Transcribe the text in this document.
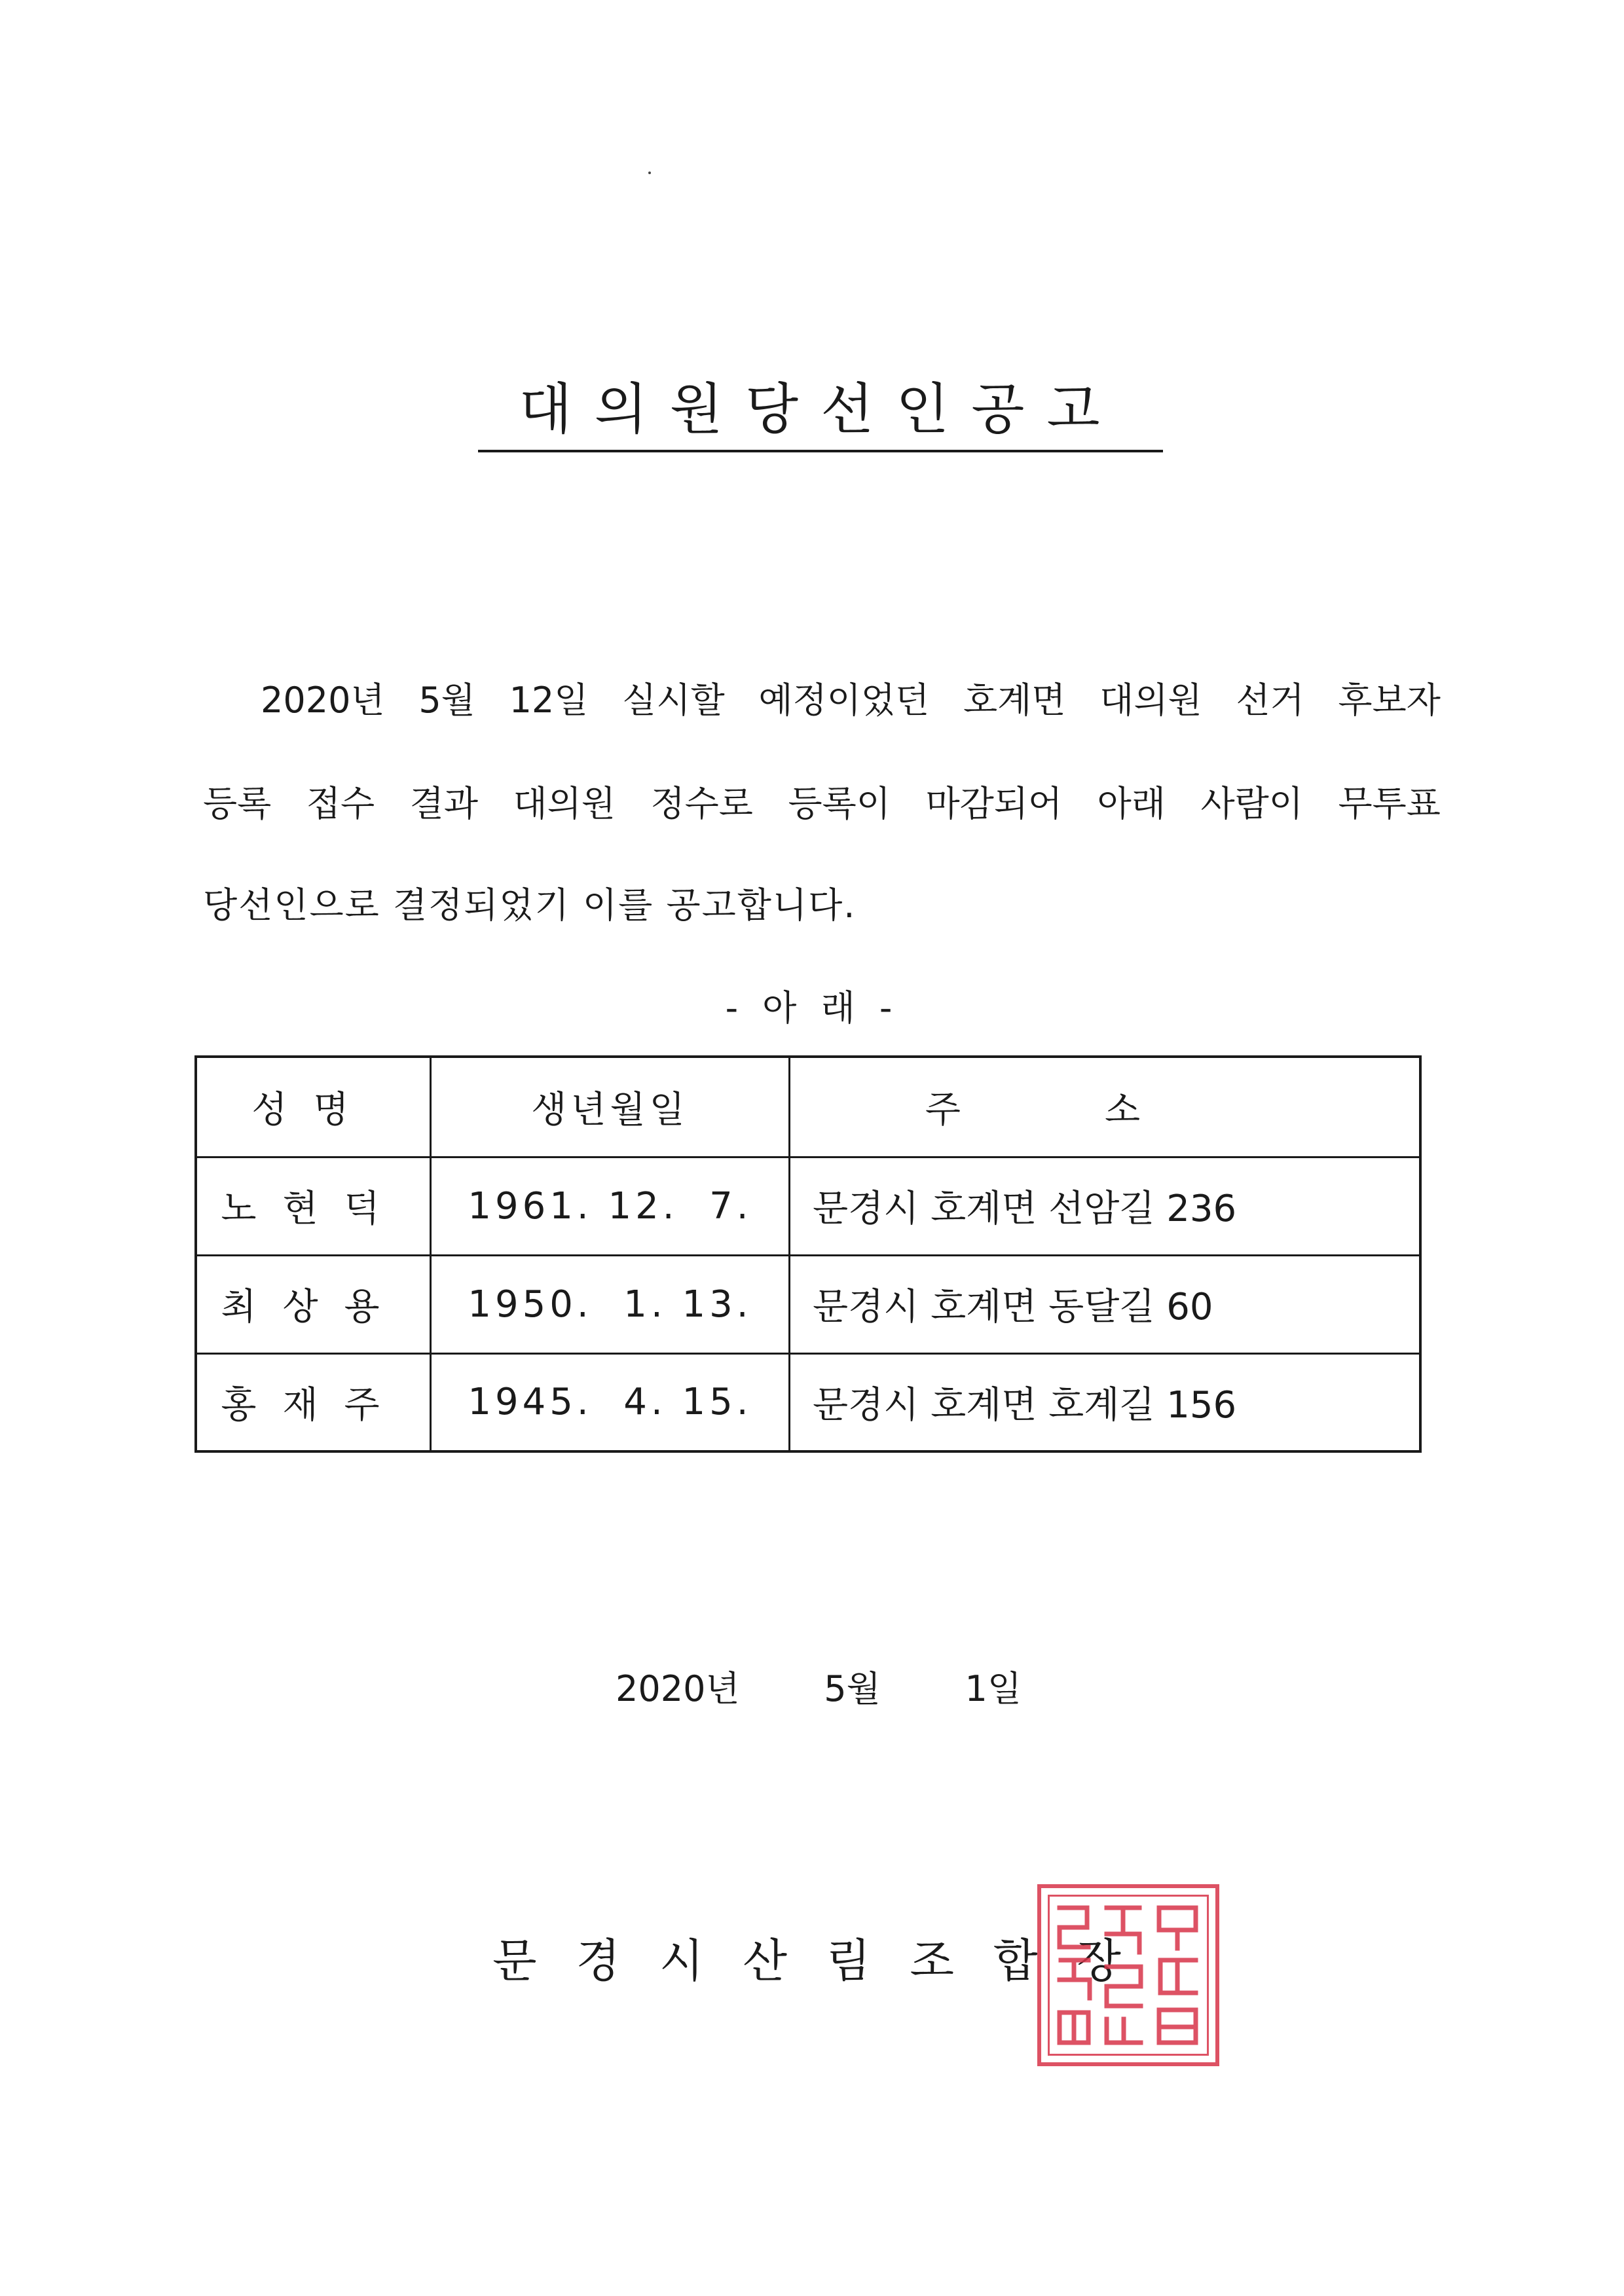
대의원당선인공고
2020년 5월 12일 실시할 예정이었던 호계면 대의원 선거 후보자
등록 접수 결과 대의원 정수로 등록이 마감되어 아래 사람이 무투표
당선인으로 결정되었기 이를 공고합니다.
- 아 래 -
성명	생년월일	주소
노현덕	1961. 12.  7.	문경시 호계면 선암길 236
최상용	1950.  1. 13.	문경시 호계면 동달길 60
홍재주	1945.  4. 15.	문경시 호계면 호계길 156
2020년 5월 1일
문 경 시 산 림 조 합 장
